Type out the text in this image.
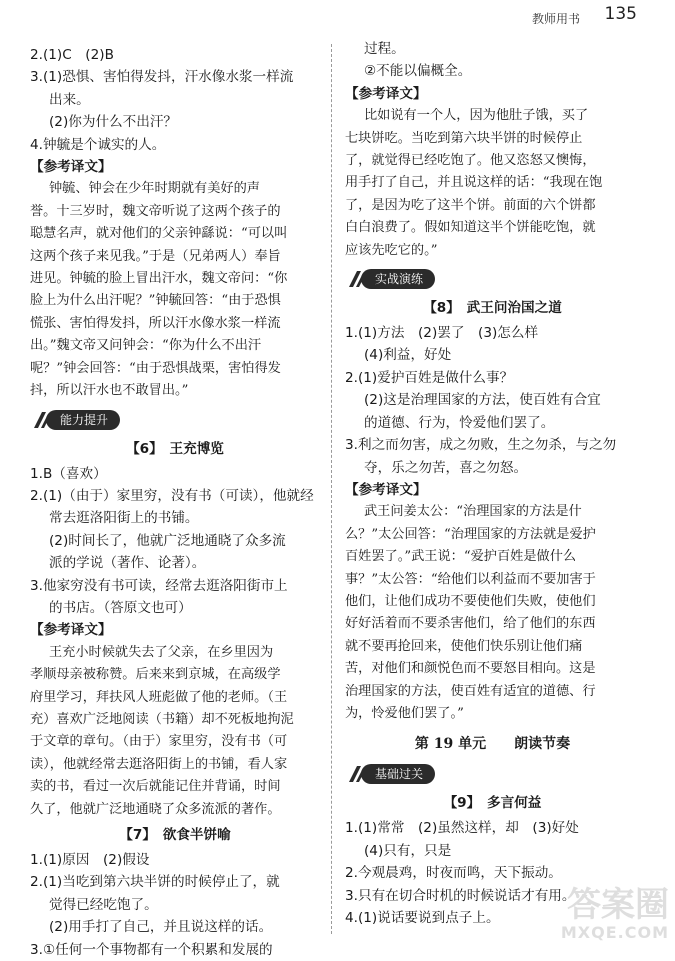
教师用书 135
2.(1)C　(2)B
3.(1)恐惧、害怕得发抖，汗水像水浆一样流
出来。
(2)你为什么不出汗？
4.钟毓是个诚实的人。
【参考译文】
钟毓、钟会在少年时期就有美好的声
誉。十三岁时，魏文帝听说了这两个孩子的
聪慧名声，就对他们的父亲钟繇说：“可以叫
这两个孩子来见我。”于是（兄弟两人）奉旨
进见。钟毓的脸上冒出汗水，魏文帝问：“你
脸上为什么出汗呢？”钟毓回答：“由于恐惧
慌张、害怕得发抖，所以汗水像水浆一样流
出。”魏文帝又问钟会：“你为什么不出汗
呢？”钟会回答：“由于恐惧战栗，害怕得发
抖，所以汗水也不敢冒出。”
能力提升
【6】　王充博览
1.B（喜欢）
2.(1)（由于）家里穷，没有书（可读），他就经
常去逛洛阳街上的书铺。
(2)时间长了，他就广泛地通晓了众多流
派的学说（著作、论著）。
3.他家穷没有书可读，经常去逛洛阳街市上
的书店。（答原文也可）
【参考译文】
王充小时候就失去了父亲，在乡里因为
孝顺母亲被称赞。后来来到京城，在高级学
府里学习，拜扶风人班彪做了他的老师。（王
充）喜欢广泛地阅读（书籍）却不死板地拘泥
于文章的章句。（由于）家里穷，没有书（可
读），他就经常去逛洛阳街上的书铺，看人家
卖的书，看过一次后就能记住并背诵，时间
久了，他就广泛地通晓了众多流派的著作。
【7】　欲食半饼喻
1.(1)原因　(2)假设
2.(1)当吃到第六块半饼的时候停止了，就
觉得已经吃饱了。
(2)用手打了自己，并且说这样的话。
3.①任何一个事物都有一个积累和发展的
过程。
②不能以偏概全。
【参考译文】
比如说有一个人，因为他肚子饿，买了
七块饼吃。当吃到第六块半饼的时候停止
了，就觉得已经吃饱了。他又恣怒又懊悔，
用手打了自己，并且说这样的话：“我现在饱
了，是因为吃了这半个饼。前面的六个饼都
白白浪费了。假如知道这半个饼能吃饱，就
应该先吃它的。”
实战演练
【8】　武王问治国之道
1.(1)方法　(2)罢了　(3)怎么样
(4)利益，好处
2.(1)爱护百姓是做什么事？
(2)这是治理国家的方法，使百姓有合宜
的道德、行为，怜爱他们罢了。
3.利之而勿害，成之勿败，生之勿杀，与之勿
夺，乐之勿苦，喜之勿怒。
【参考译文】
武王问姜太公：“治理国家的方法是什
么？”太公回答：“治理国家的方法就是爱护
百姓罢了。”武王说：“爱护百姓是做什么
事？”太公答：“给他们以利益而不要加害于
他们，让他们成功不要使他们失败，使他们
好好活着而不要杀害他们，给了他们的东西
就不要再抢回来，使他们快乐别让他们痛
苦，对他们和颜悦色而不要怒目相向。这是
治理国家的方法，使百姓有适宜的道德、行
为，怜爱他们罢了。”
第 19 单元　　朗读节奏
基础过关
【9】　多言何益
1.(1)常常　(2)虽然这样，却　(3)好处
(4)只有，只是
2.今观晨鸡，时夜而鸣，天下振动。
3.只有在切合时机的时候说话才有用。
4.(1)说话要说到点子上。	答案圈
MXQE.COM
